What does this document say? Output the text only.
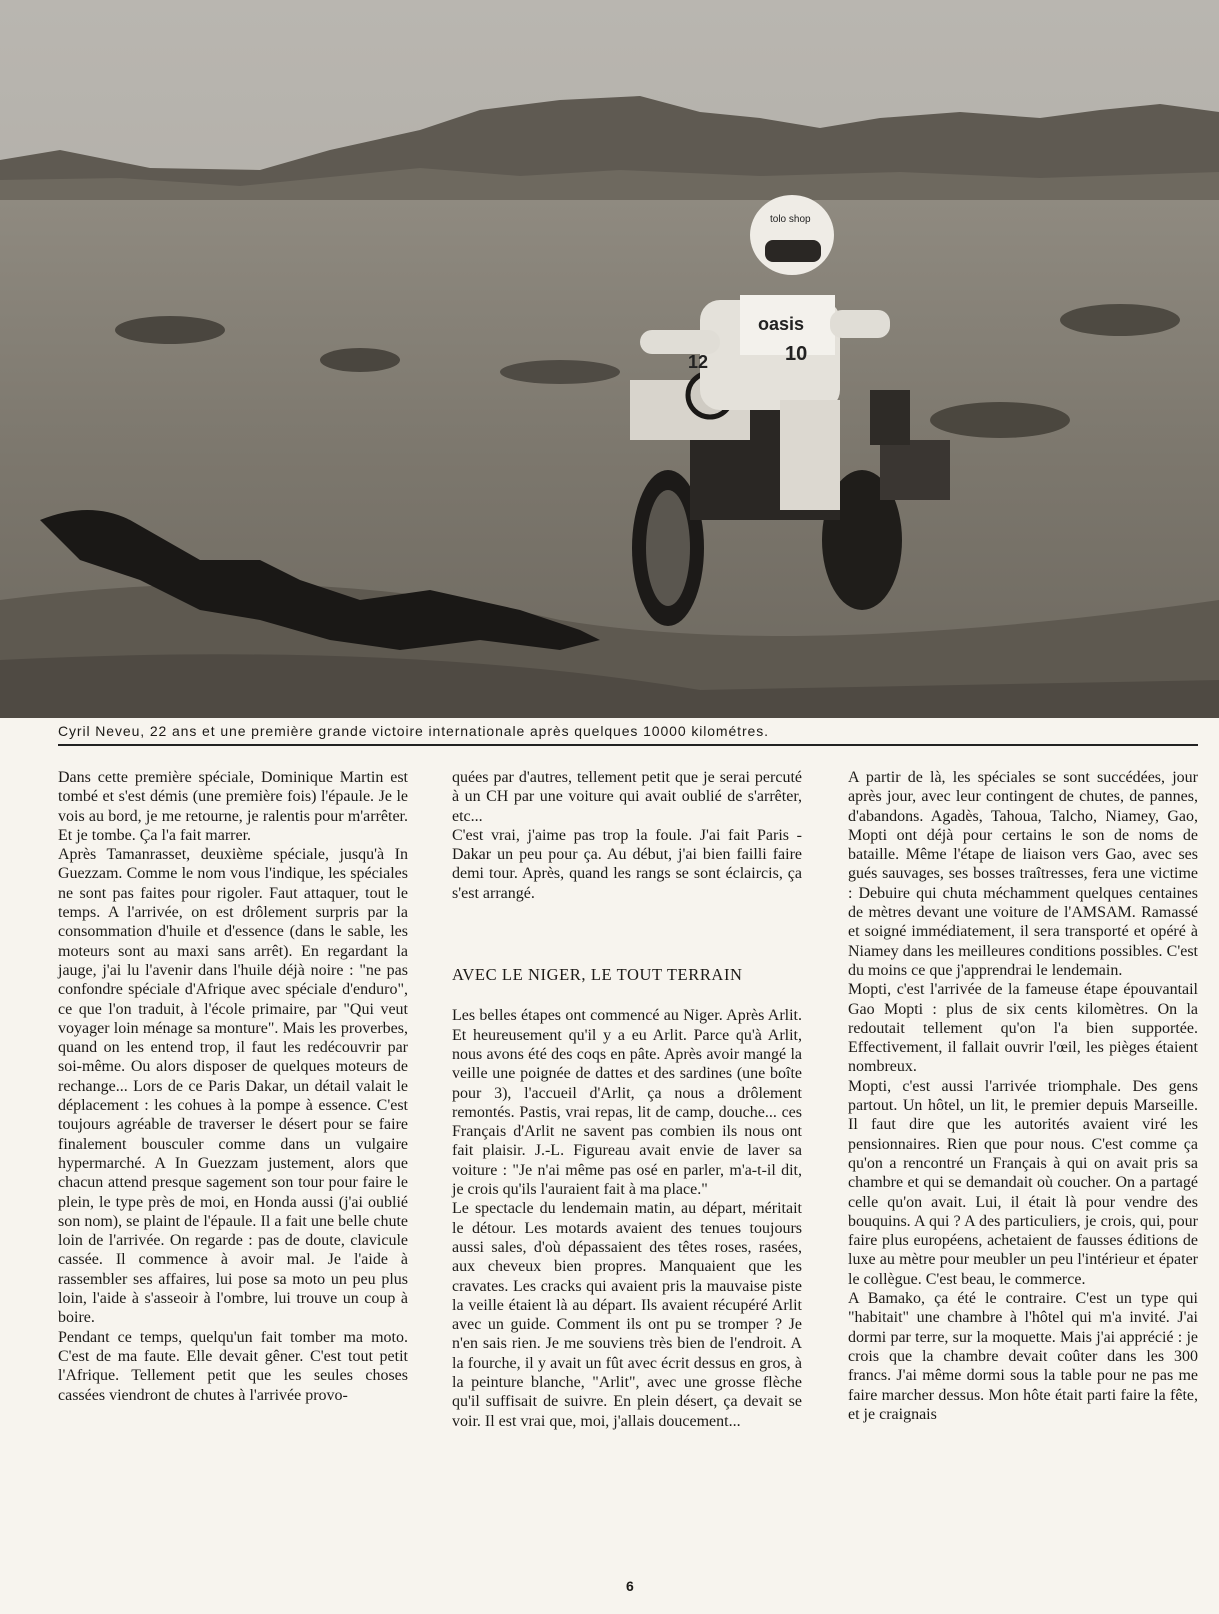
tolo shop
oasis
10
12
Cyril Neveu, 22 ans et une première grande victoire internationale après quelques 10000 kilométres.

Dans cette première spéciale, Dominique Martin est tombé et s'est démis (une première fois) l'épaule. Je le vois au bord, je me retourne, je ralentis pour m'arrêter. Et je tombe. Ça l'a fait marrer.

Après Tamanrasset, deuxième spéciale, jusqu'à In Guezzam. Comme le nom vous l'indique, les spéciales ne sont pas faites pour rigoler. Faut attaquer, tout le temps. A l'arrivée, on est drôlement surpris par la consommation d'huile et d'essence (dans le sable, les moteurs sont au maxi sans arrêt). En regardant la jauge, j'ai lu l'avenir dans l'huile déjà noire : "ne pas confondre spéciale d'Afrique avec spéciale d'enduro", ce que l'on traduit, à l'école primaire, par "Qui veut voyager loin ménage sa monture". Mais les proverbes, quand on les entend trop, il faut les redécouvrir par soi-même. Ou alors disposer de quelques moteurs de rechange... Lors de ce Paris Dakar, un détail valait le déplacement : les cohues à la pompe à essence. C'est toujours agréable de traverser le désert pour se faire finalement bousculer comme dans un vulgaire hypermarché. A In Guezzam justement, alors que chacun attend presque sagement son tour pour faire le plein, le type près de moi, en Honda aussi (j'ai oublié son nom), se plaint de l'épaule. Il a fait une belle chute loin de l'arrivée. On regarde : pas de doute, clavicule cassée. Il commence à avoir mal. Je l'aide à rassembler ses affaires, lui pose sa moto un peu plus loin, l'aide à s'asseoir à l'ombre, lui trouve un coup à boire.

Pendant ce temps, quelqu'un fait tomber ma moto. C'est de ma faute. Elle devait gêner. C'est tout petit l'Afrique. Tellement petit que les seules choses cassées viendront de chutes à l'arrivée provo-

quées par d'autres, tellement petit que je serai percuté à un CH par une voiture qui avait oublié de s'arrêter, etc...

C'est vrai, j'aime pas trop la foule. J'ai fait Paris - Dakar un peu pour ça. Au début, j'ai bien failli faire demi tour. Après, quand les rangs se sont éclaircis, ça s'est arrangé.

AVEC LE NIGER, LE TOUT TERRAIN

Les belles étapes ont commencé au Niger. Après Arlit. Et heureusement qu'il y a eu Arlit. Parce qu'à Arlit, nous avons été des coqs en pâte. Après avoir mangé la veille une poignée de dattes et des sardines (une boîte pour 3), l'accueil d'Arlit, ça nous a drôlement remontés. Pastis, vrai repas, lit de camp, douche... ces Français d'Arlit ne savent pas combien ils nous ont fait plaisir. J.-L. Figureau avait envie de laver sa voiture : "Je n'ai même pas osé en parler, m'a-t-il dit, je crois qu'ils l'auraient fait à ma place."

Le spectacle du lendemain matin, au départ, méritait le détour. Les motards avaient des tenues toujours aussi sales, d'où dépassaient des têtes roses, rasées, aux cheveux bien propres. Manquaient que les cravates. Les cracks qui avaient pris la mauvaise piste la veille étaient là au départ. Ils avaient récupéré Arlit avec un guide. Comment ils ont pu se tromper ? Je n'en sais rien. Je me souviens très bien de l'endroit. A la fourche, il y avait un fût avec écrit dessus en gros, à la peinture blanche, "Arlit", avec une grosse flèche qu'il suffisait de suivre. En plein désert, ça devait se voir. Il est vrai que, moi, j'allais doucement...

A partir de là, les spéciales se sont succédées, jour après jour, avec leur contingent de chutes, de pannes, d'abandons. Agadès, Tahoua, Talcho, Niamey, Gao, Mopti ont déjà pour certains le son de noms de bataille. Même l'étape de liaison vers Gao, avec ses gués sauvages, ses bosses traîtresses, fera une victime : Debuire qui chuta méchamment quelques centaines de mètres devant une voiture de l'AMSAM. Ramassé et soigné immédiatement, il sera transporté et opéré à Niamey dans les meilleures conditions possibles. C'est du moins ce que j'apprendrai le lendemain.

Mopti, c'est l'arrivée de la fameuse étape épouvantail Gao Mopti : plus de six cents kilomètres. On la redoutait tellement qu'on l'a bien supportée. Effectivement, il fallait ouvrir l'œil, les pièges étaient nombreux.

Mopti, c'est aussi l'arrivée triomphale. Des gens partout. Un hôtel, un lit, le premier depuis Marseille. Il faut dire que les autorités avaient viré les pensionnaires. Rien que pour nous. C'est comme ça qu'on a rencontré un Français à qui on avait pris sa chambre et qui se demandait où coucher. On a partagé celle qu'on avait. Lui, il était là pour vendre des bouquins. A qui ? A des particuliers, je crois, qui, pour faire plus européens, achetaient de fausses éditions de luxe au mètre pour meubler un peu l'intérieur et épater le collègue. C'est beau, le commerce.

A Bamako, ça été le contraire. C'est un type qui "habitait" une chambre à l'hôtel qui m'a invité. J'ai dormi par terre, sur la moquette. Mais j'ai apprécié : je crois que la chambre devait coûter dans les 300 francs. J'ai même dormi sous la table pour ne pas me faire marcher dessus. Mon hôte était parti faire la fête, et je craignais

6
